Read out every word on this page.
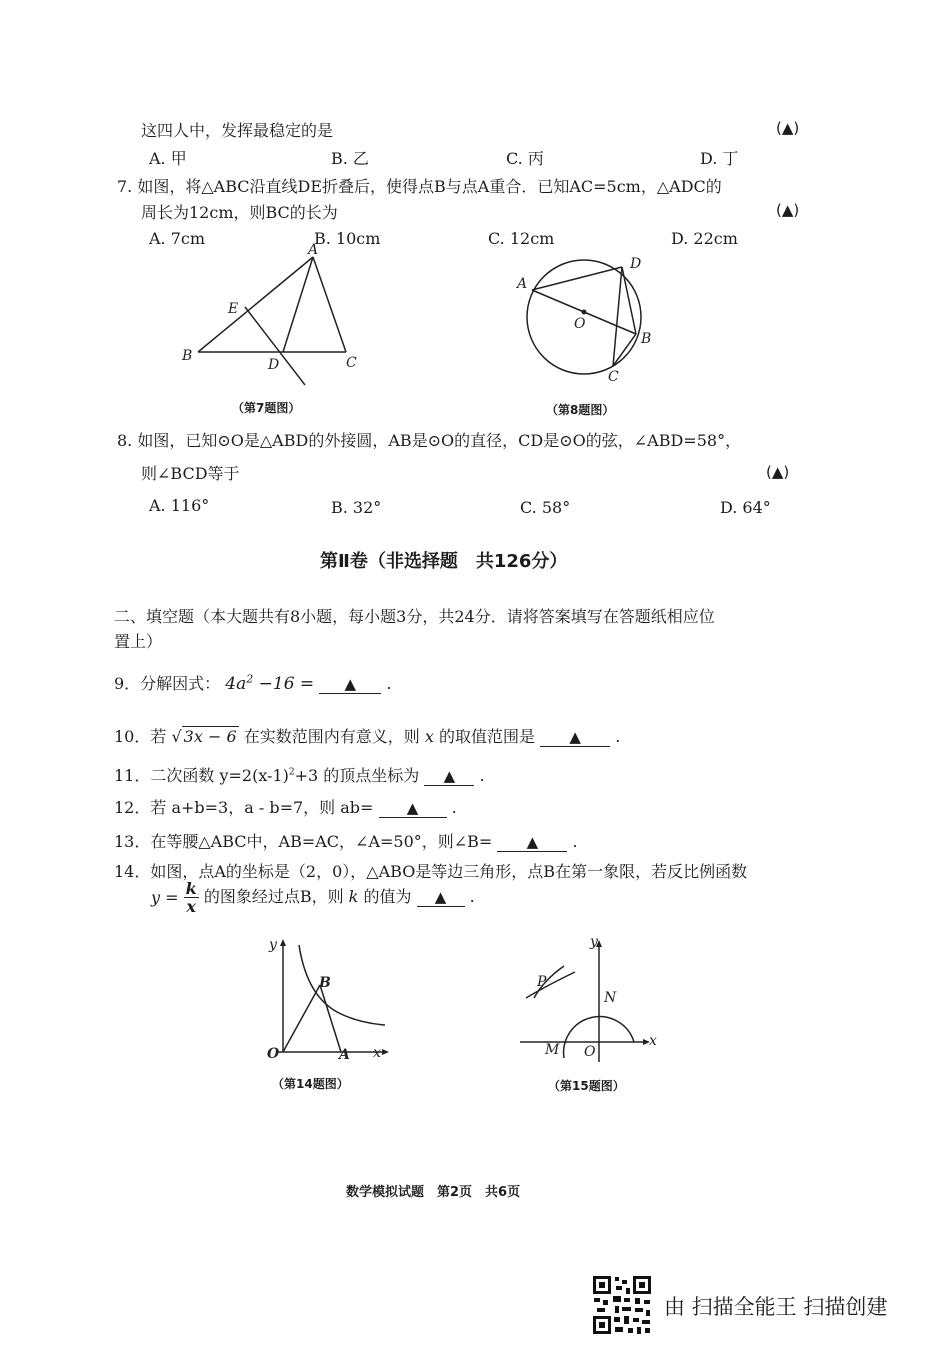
这四人中，发挥最稳定的是	(▲)
A. 甲	B. 乙	C. 丙	D. 丁
7. 如图，将△ABC沿直线DE折叠后，使得点B与点A重合．已知AC=5cm，△ADC的
周长为12cm，则BC的长为	(▲)
A. 7cm	B. 10cm	C. 12cm	D. 22cm
A
B	C
D
E
（第7题图）
A
B
C
D
O
（第8题图）
8. 如图，已知⊙O是△ABD的外接圆，AB是⊙O的直径，CD是⊙O的弦，∠ABD=58°，
则∠BCD等于	(▲)
A. 116°	B. 32°	C. 58°	D. 64°
第Ⅱ卷（非选择题　共126分）
二、填空题（本大题共有8小题，每小题3分，共24分．请将答案填写在答题纸相应位
置上）
9．分解因式： $4a^2 -16$ = ▲ .
10．若 √ 3x − 6 在实数范围内有意义，则 x 的取值范围是 ▲ .
11．二次函数 $y=2(x-1)^2+3$ 的顶点坐标为 ▲ .
12．若 a+b=3，a - b=7，则 ab= ▲ .
13．在等腰△ABC中，AB=AC，∠A=50°，则∠B= ▲ .
14．如图，点A的坐标是（2，0），△ABO是等边三角形，点B在第一象限，若反比例函数
$y = \frac{k}{x}$ 的图象经过点B，则 k 的值为 ▲ .
y
x
O	A
B
（第14题图）
y
x
O
M
N
P
（第15题图）
数学模拟试题　第2页　共6页
由 扫描全能王 扫描创建
